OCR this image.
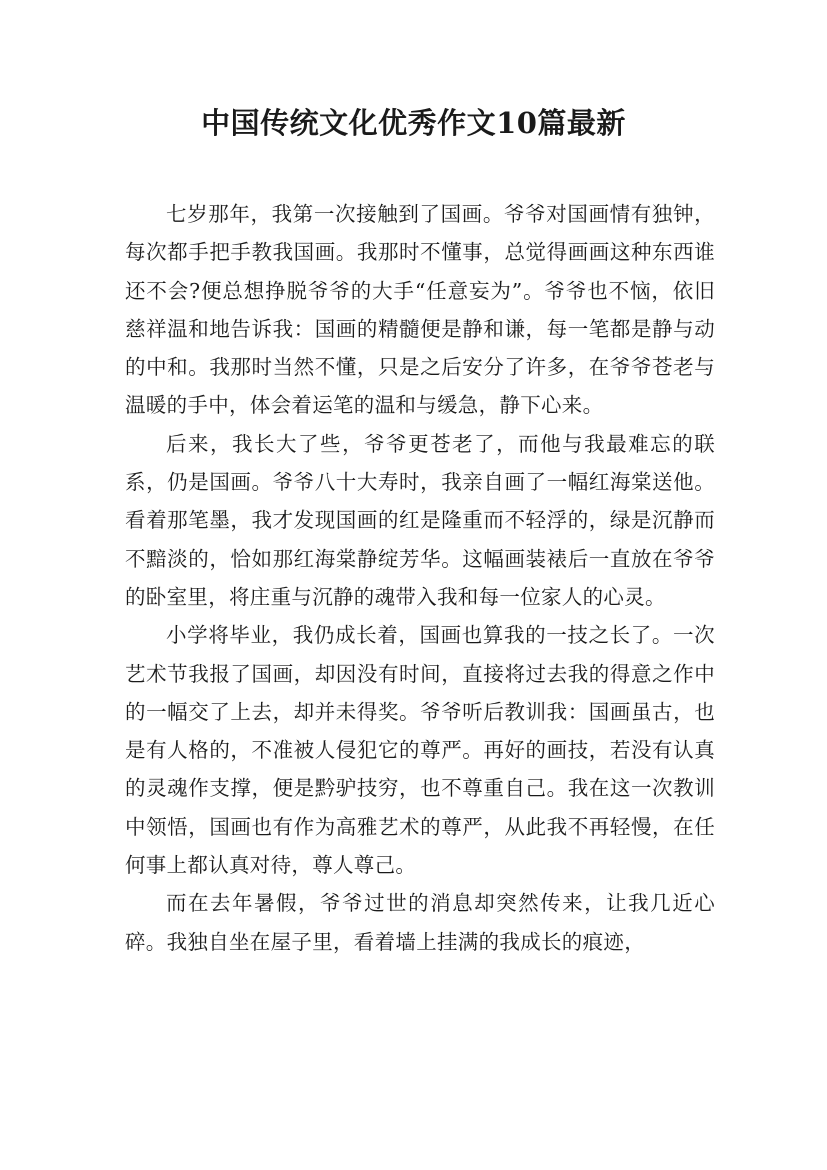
中国传统文化优秀作文10篇最新

七岁那年，我第一次接触到了国画。爷爷对国画情有独钟，每次都手把手教我国画。我那时不懂事，总觉得画画这种东西谁还不会?便总想挣脱爷爷的大手“任意妄为”。爷爷也不恼，依旧慈祥温和地告诉我：国画的精髓便是静和谦，每一笔都是静与动的中和。我那时当然不懂，只是之后安分了许多，在爷爷苍老与温暖的手中，体会着运笔的温和与缓急，静下心来。

后来，我长大了些，爷爷更苍老了，而他与我最难忘的联系，仍是国画。爷爷八十大寿时，我亲自画了一幅红海棠送他。看着那笔墨，我才发现国画的红是隆重而不轻浮的，绿是沉静而不黯淡的，恰如那红海棠静绽芳华。这幅画装裱后一直放在爷爷的卧室里，将庄重与沉静的魂带入我和每一位家人的心灵。

小学将毕业，我仍成长着，国画也算我的一技之长了。一次艺术节我报了国画，却因没有时间，直接将过去我的得意之作中的一幅交了上去，却并未得奖。爷爷听后教训我：国画虽古，也是有人格的，不准被人侵犯它的尊严。再好的画技，若没有认真的灵魂作支撑，便是黔驴技穷，也不尊重自己。我在这一次教训中领悟，国画也有作为高雅艺术的尊严，从此我不再轻慢，在任何事上都认真对待，尊人尊己。

而在去年暑假，爷爷过世的消息却突然传来，让我几近心碎。我独自坐在屋子里，看着墙上挂满的我成长的痕迹，
